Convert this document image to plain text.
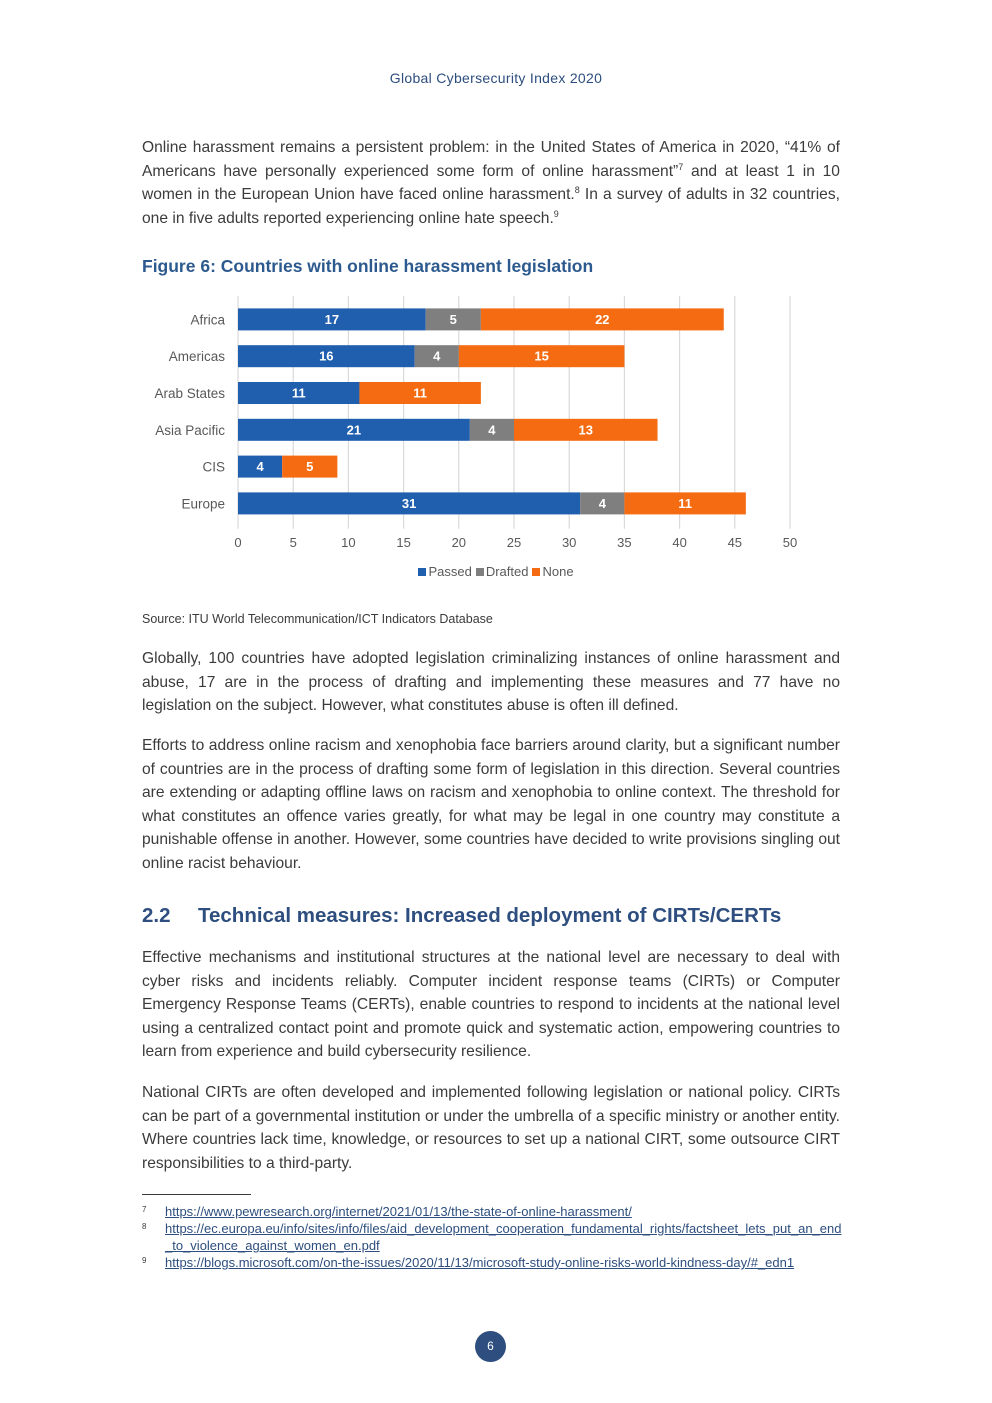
Global Cybersecurity Index 2020

Online harassment remains a persistent problem: in the United States of America in 2020, “41% of Americans have personally experienced some form of online harassment”$^7$ and at least 1 in 10 women in the European Union have faced online harassment.$^8$ In a survey of adults in 32 countries, one in five adults reported experiencing online hate speech.$^9$

Figure 6: Countries with online harassment legislation
0	5	10	15	20	25	30	35	40	45	50
Africa	17	5	22
Americas	16	4	15
Arab States	11	11
Asia Pacific	21	4	13
CIS 4	5
Europe	31	4	11
Passed Drafted None

Source: ITU World Telecommunication/ICT Indicators Database

Globally, 100 countries have adopted legislation criminalizing instances of online harassment and abuse, 17 are in the process of drafting and implementing these measures and 77 have no legislation on the subject. However, what constitutes abuse is often ill defined.

Efforts to address online racism and xenophobia face barriers around clarity, but a significant number of countries are in the process of drafting some form of legislation in this direction. Several countries are extending or adapting offline laws on racism and xenophobia to online context. The threshold for what constitutes an offence varies greatly, for what may be legal in one country may constitute a punishable offense in another. However, some countries have decided to write provisions singling out online racist behaviour.

2.2 Technical measures: Increased deployment of CIRTs/CERTs

Effective mechanisms and institutional structures at the national level are necessary to deal with cyber risks and incidents reliably. Computer incident response teams (CIRTs) or Computer Emergency Response Teams (CERTs), enable countries to respond to incidents at the national level using a centralized contact point and promote quick and systematic action, empowering countries to learn from experience and build cybersecurity resilience.

National CIRTs are often developed and implemented following legislation or national policy. CIRTs can be part of a governmental institution or under the umbrella of a specific ministry or another entity. Where countries lack time, knowledge, or resources to set up a national CIRT, some outsource CIRT responsibilities to a third-party.

7 https://www.pewresearch.org/internet/2021/01/13/the-state-of-online-harassment/
8 https://ec.europa.eu/info/sites/info/files/aid_development_cooperation_fundamental_rights/factsheet_lets_put_an_end_to_violence_against_women_en.pdf
9 https://blogs.microsoft.com/on-the-issues/2020/11/13/microsoft-study-online-risks-world-kindness-day/#_edn1
6
